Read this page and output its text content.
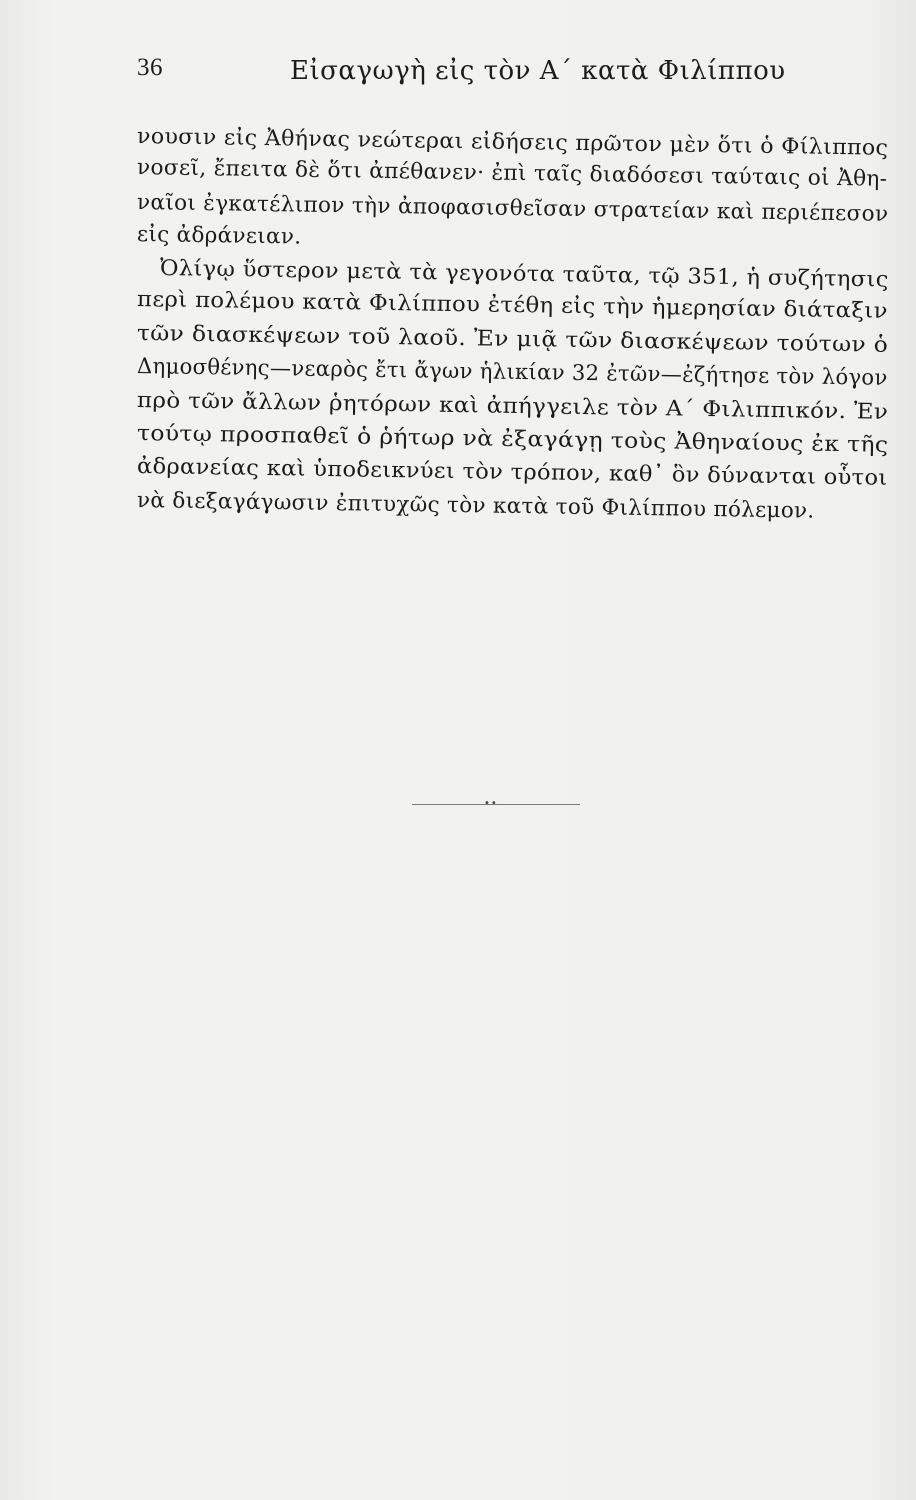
36	Εἰσαγωγὴ εἰς τὸν Α΄ κατὰ Φιλίππου
νουσιν εἰς Ἀθήνας νεώτεραι εἰδήσεις πρῶτον μὲν ὅτι ὁ Φίλιππος
νοσεῖ, ἔπειτα δὲ ὅτι ἀπέθανεν· ἐπὶ ταῖς διαδόσεσι ταύταις οἱ Ἀθη-
ναῖοι ἐγκατέλιπον τὴν ἀποφασισθεῖσαν στρατείαν καὶ περιέπεσον
εἰς ἀδράνειαν.
Ὀλίγῳ ὕστερον μετὰ τὰ γεγονότα ταῦτα, τῷ 351, ἡ συζήτησις
περὶ πολέμου κατὰ Φιλίππου ἐτέθη εἰς τὴν ἡμερησίαν διάταξιν
τῶν διασκέψεων τοῦ λαοῦ. Ἐν μιᾷ τῶν διασκέψεων τούτων ὁ
Δημοσθένης—νεαρὸς ἔτι ἄγων ἡλικίαν 32 ἐτῶν—ἐζήτησε τὸν λόγον
πρὸ τῶν ἄλλων ῥητόρων καὶ ἀπήγγειλε τὸν Α΄ Φιλιππικόν. Ἐν
τούτῳ προσπαθεῖ ὁ ῥήτωρ νὰ ἐξαγάγῃ τοὺς Ἀθηναίους ἐκ τῆς
ἀδρανείας καὶ ὑποδεικνύει τὸν τρόπον, καθ᾽ ὃν δύνανται οὗτοι
νὰ διεξαγάγωσιν ἐπιτυχῶς τὸν κατὰ τοῦ Φιλίππου πόλεμον.
••
